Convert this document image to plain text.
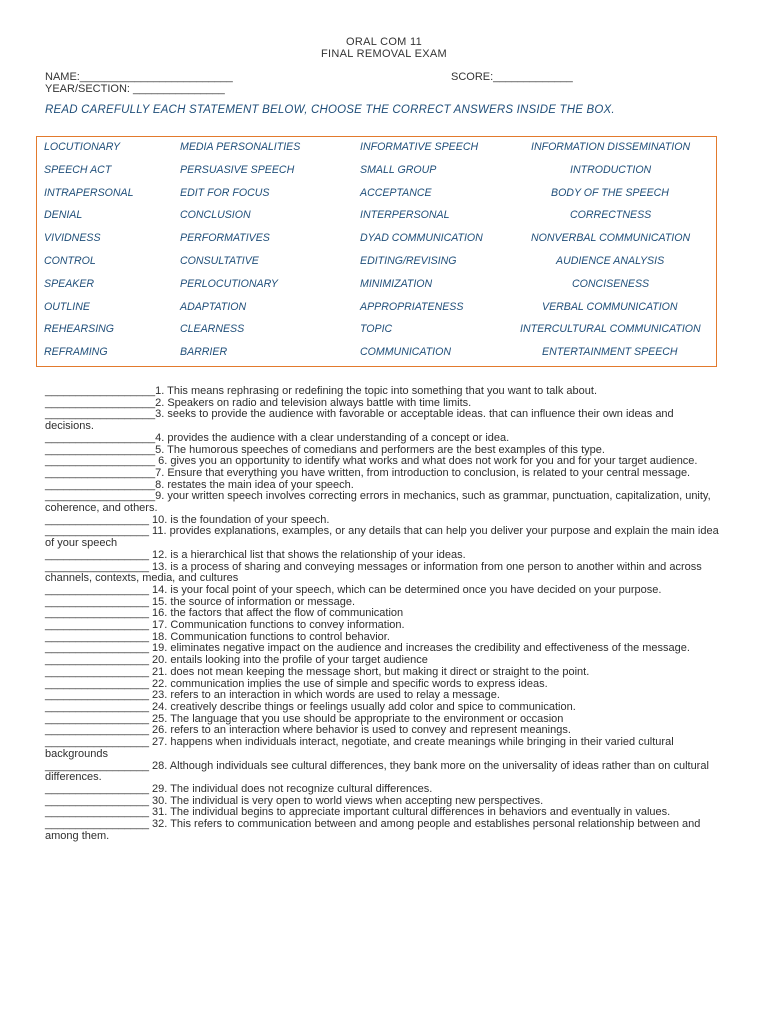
ORAL COM 11
FINAL REMOVAL EXAM
NAME:_________________________	SCORE:_____________
YEAR/SECTION: _______________
READ CAREFULLY EACH STATEMENT BELOW, CHOOSE THE CORRECT ANSWERS INSIDE THE BOX.
LOCUTIONARY	MEDIA PERSONALITIES	INFORMATIVE SPEECH	INFORMATION DISSEMINATION
SPEECH ACT	PERSUASIVE SPEECH	SMALL GROUP	INTRODUCTION
INTRAPERSONAL	EDIT FOR FOCUS	ACCEPTANCE	BODY OF THE SPEECH
DENIAL	CONCLUSION	INTERPERSONAL	CORRECTNESS
VIVIDNESS	PERFORMATIVES	DYAD COMMUNICATION	NONVERBAL COMMUNICATION
CONTROL	CONSULTATIVE	EDITING/REVISING	AUDIENCE ANALYSIS
SPEAKER	PERLOCUTIONARY	MINIMIZATION	CONCISENESS
OUTLINE	ADAPTATION	APPROPRIATENESS	VERBAL COMMUNICATION
REHEARSING	CLEARNESS	TOPIC	INTERCULTURAL COMMUNICATION
REFRAMING	BARRIER	COMMUNICATION	ENTERTAINMENT SPEECH

__________________1. This means rephrasing or redefining the topic into something that you want to talk about.

__________________2. Speakers on radio and television always battle with time limits.

__________________3. seeks to provide the audience with favorable or acceptable ideas. that can influence their own ideas and decisions.

__________________4. provides the audience with a clear understanding of a concept or idea.

__________________5. The humorous speeches of comedians and performers are the best examples of this type.

__________________ 6. gives you an opportunity to identify what works and what does not work for you and for your target audience.

__________________7. Ensure that everything you have written, from introduction to conclusion, is related to your central message.

__________________8. restates the main idea of your speech.

__________________9. your written speech involves correcting errors in mechanics, such as grammar, punctuation, capitalization, unity, coherence, and others.

_________________ 10. is the foundation of your speech.

_________________ 11. provides explanations, examples, or any details that can help you deliver your purpose and explain the main idea of your speech

_________________ 12. is a hierarchical list that shows the relationship of your ideas.

_________________ 13. is a process of sharing and conveying messages or information from one person to another within and across channels, contexts, media, and cultures

_________________ 14. is your focal point of your speech, which can be determined once you have decided on your purpose.

_________________ 15. the source of information or message.

_________________ 16. the factors that affect the flow of communication

_________________ 17. Communication functions to convey information.

_________________ 18. Communication functions to control behavior.

_________________ 19. eliminates negative impact on the audience and increases the credibility and effectiveness of the message.

_________________ 20. entails looking into the profile of your target audience

_________________ 21. does not mean keeping the message short, but making it direct or straight to the point.

_________________ 22. communication implies the use of simple and specific words to express ideas.

_________________ 23. refers to an interaction in which words are used to relay a message.

_________________ 24. creatively describe things or feelings usually add color and spice to communication.

_________________ 25. The language that you use should be appropriate to the environment or occasion

_________________ 26. refers to an interaction where behavior is used to convey and represent meanings.

_________________ 27. happens when individuals interact, negotiate, and create meanings while bringing in their varied cultural backgrounds

_________________ 28. Although individuals see cultural differences, they bank more on the universality of ideas rather than on cultural differences.

_________________ 29. The individual does not recognize cultural differences.

_________________ 30. The individual is very open to world views when accepting new perspectives.

_________________ 31. The individual begins to appreciate important cultural differences in behaviors and eventually in values.

_________________ 32. This refers to communication between and among people and establishes personal relationship between and among them.
